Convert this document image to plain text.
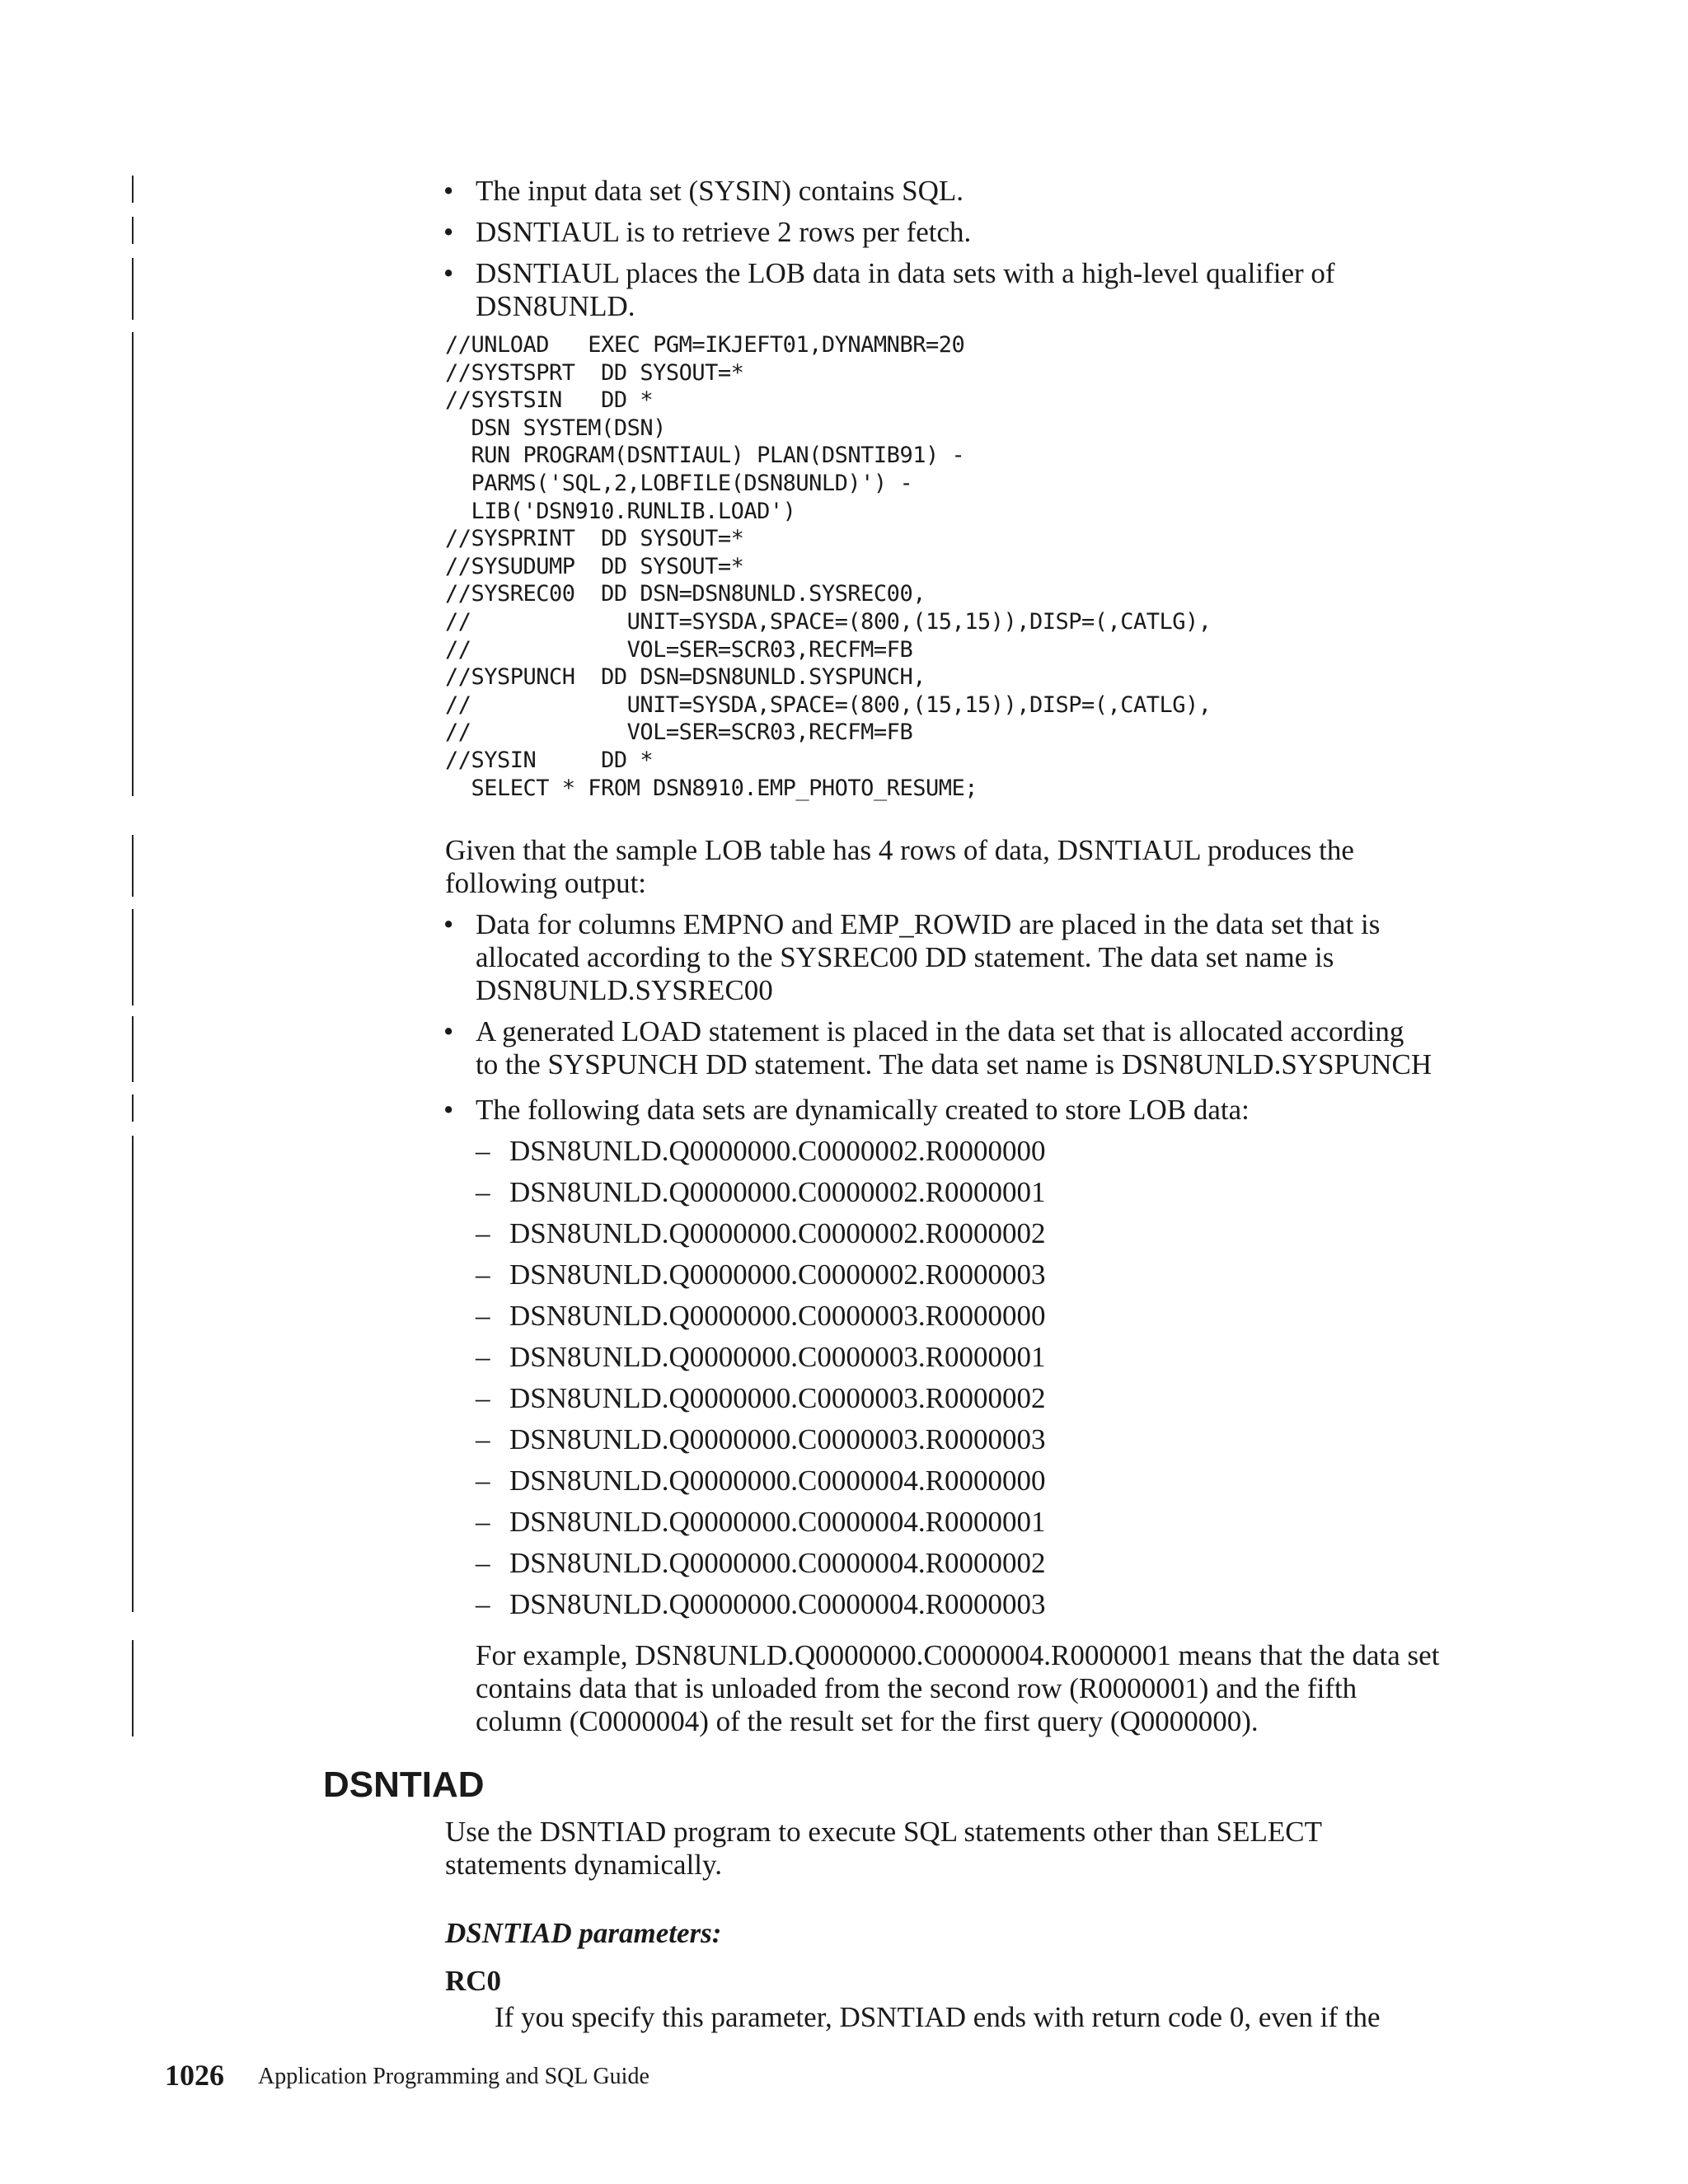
• The input data set (SYSIN) contains SQL.
• DSNTIAUL is to retrieve 2 rows per fetch.
• DSNTIAUL places the LOB data in data sets with a high-level qualifier of
DSN8UNLD.
//UNLOAD   EXEC PGM=IKJEFT01,DYNAMNBR=20
//SYSTSPRT  DD SYSOUT=*
//SYSTSIN   DD *
DSN SYSTEM(DSN)
RUN PROGRAM(DSNTIAUL) PLAN(DSNTIB91) -
PARMS('SQL,2,LOBFILE(DSN8UNLD)') -
LIB('DSN910.RUNLIB.LOAD')
//SYSPRINT  DD SYSOUT=*
//SYSUDUMP  DD SYSOUT=*
//SYSREC00  DD DSN=DSN8UNLD.SYSREC00,
//            UNIT=SYSDA,SPACE=(800,(15,15)),DISP=(,CATLG),
//            VOL=SER=SCR03,RECFM=FB
//SYSPUNCH  DD DSN=DSN8UNLD.SYSPUNCH,
//            UNIT=SYSDA,SPACE=(800,(15,15)),DISP=(,CATLG),
//            VOL=SER=SCR03,RECFM=FB
//SYSIN     DD *
SELECT * FROM DSN8910.EMP_PHOTO_RESUME;
Given that the sample LOB table has 4 rows of data, DSNTIAUL produces the
following output:
• Data for columns EMPNO and EMP_ROWID are placed in the data set that is
allocated according to the SYSREC00 DD statement. The data set name is
DSN8UNLD.SYSREC00
• A generated LOAD statement is placed in the data set that is allocated according
to the SYSPUNCH DD statement. The data set name is DSN8UNLD.SYSPUNCH
• The following data sets are dynamically created to store LOB data:
– DSN8UNLD.Q0000000.C0000002.R0000000
– DSN8UNLD.Q0000000.C0000002.R0000001
– DSN8UNLD.Q0000000.C0000002.R0000002
– DSN8UNLD.Q0000000.C0000002.R0000003
– DSN8UNLD.Q0000000.C0000003.R0000000
– DSN8UNLD.Q0000000.C0000003.R0000001
– DSN8UNLD.Q0000000.C0000003.R0000002
– DSN8UNLD.Q0000000.C0000003.R0000003
– DSN8UNLD.Q0000000.C0000004.R0000000
– DSN8UNLD.Q0000000.C0000004.R0000001
– DSN8UNLD.Q0000000.C0000004.R0000002
– DSN8UNLD.Q0000000.C0000004.R0000003
For example, DSN8UNLD.Q0000000.C0000004.R0000001 means that the data set
contains data that is unloaded from the second row (R0000001) and the fifth
column (C0000004) of the result set for the first query (Q0000000).
DSNTIAD
Use the DSNTIAD program to execute SQL statements other than SELECT
statements dynamically.
DSNTIAD parameters:
RC0
If you specify this parameter, DSNTIAD ends with return code 0, even if the
1026 Application Programming and SQL Guide
